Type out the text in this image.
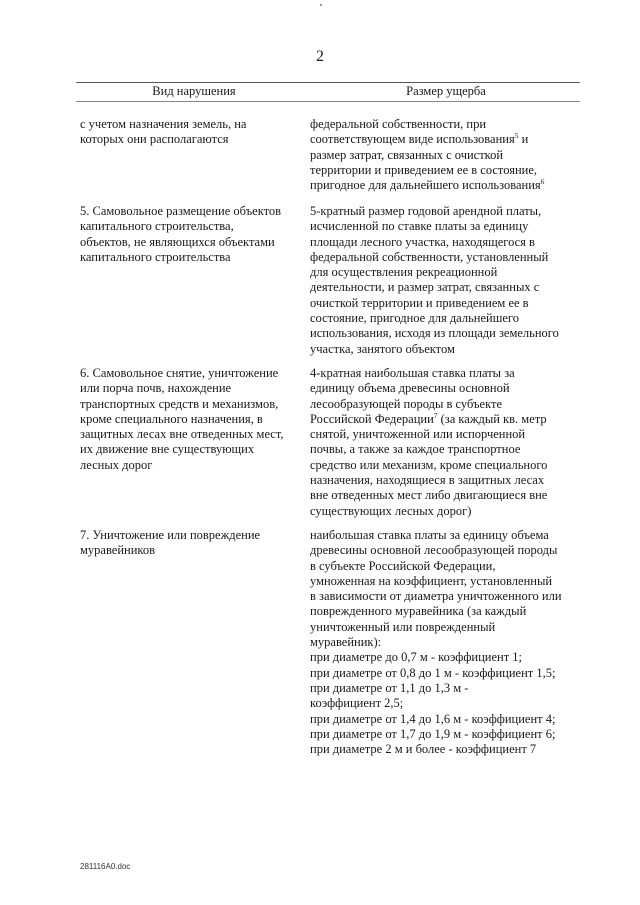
2
Вид нарушения	Размер ущерба
с учетом назначения земель, на
которых они располагаются
федеральной собственности, при
соответствующем виде использования$^5$ и
размер затрат, связанных с очисткой
территории и приведением ее в состояние,
пригодное для дальнейшего использования$^6$
5. Самовольное размещение объектов
капитального строительства,
объектов, не являющихся объектами
капитального строительства
5-кратный размер годовой арендной платы,
исчисленной по ставке платы за единицу
площади лесного участка, находящегося в
федеральной собственности, установленный
для осуществления рекреационной
деятельности, и размер затрат, связанных с
очисткой территории и приведением ее в
состояние, пригодное для дальнейшего
использования, исходя из площади земельного
участка, занятого объектом
6. Самовольное снятие, уничтожение
или порча почв, нахождение
транспортных средств и механизмов,
кроме специального назначения, в
защитных лесах вне отведенных мест,
их движение вне существующих
лесных дорог
4-кратная наибольшая ставка платы за
единицу объема древесины основной
лесообразующей породы в субъекте
Российской Федерации$^7$ (за каждый кв. метр
снятой, уничтоженной или испорченной
почвы, а также за каждое транспортное
средство или механизм, кроме специального
назначения, находящиеся в защитных лесах
вне отведенных мест либо двигающиеся вне
существующих лесных дорог)
7. Уничтожение или повреждение
муравейников
наибольшая ставка платы за единицу объема
древесины основной лесообразующей породы
в субъекте Российской Федерации,
умноженная на коэффициент, установленный
в зависимости от диаметра уничтоженного или
поврежденного муравейника (за каждый
уничтоженный или поврежденный
муравейник):
при диаметре до 0,7 м - коэффициент 1;
при диаметре от 0,8 до 1 м - коэффициент 1,5;
при диаметре от 1,1 до 1,3 м -
коэффициент 2,5;
при диаметре от 1,4 до 1,6 м - коэффициент 4;
при диаметре от 1,7 до 1,9 м - коэффициент 6;
при диаметре 2 м и более - коэффициент 7
281116A0.doc
